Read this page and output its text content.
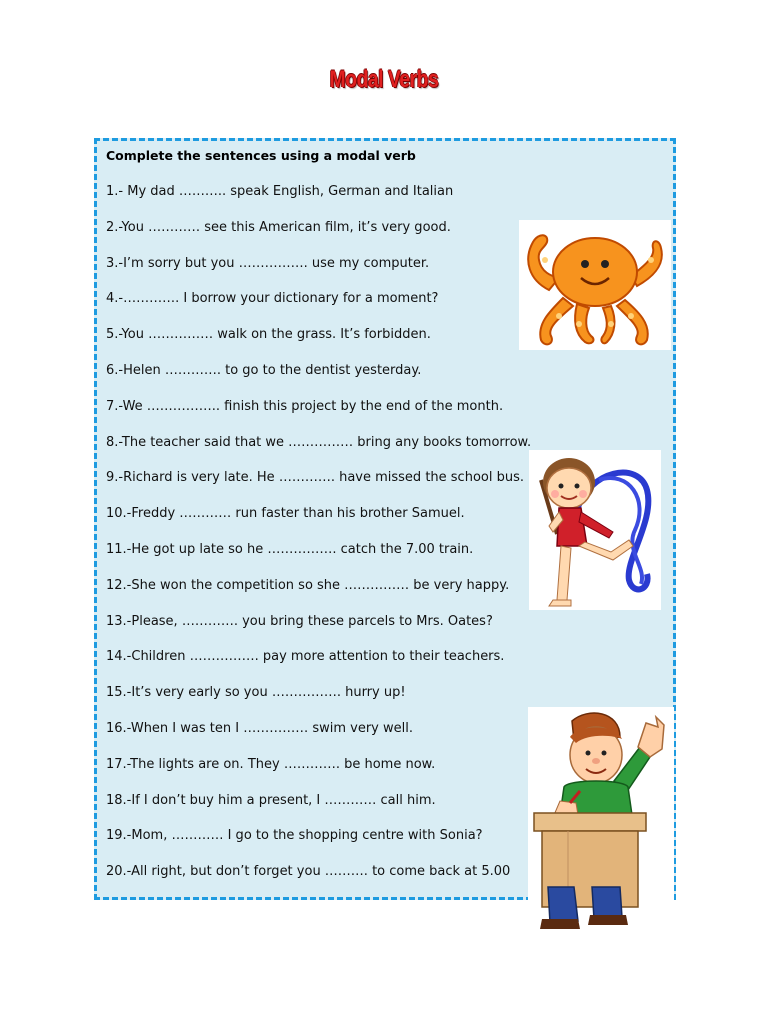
Modal Verbs
Complete the sentences using a modal verb
1.- My dad ……….. speak English, German and Italian
2.-You ………… see this American film, it’s very good.
3.-I’m sorry but you ……………. use my computer.
4.-…………. I borrow your dictionary for a moment?
5.-You …………… walk on the grass. It’s forbidden.
6.-Helen …………. to go to the dentist yesterday.
7.-We …………….. finish this project by the end of the month.
8.-The teacher said that we …………… bring any books tomorrow.
9.-Richard is very late. He …………. have missed the school bus.
10.-Freddy ………… run faster than his brother Samuel.
11.-He got up late so he ……………. catch the 7.00 train.
12.-She won the competition so she …………… be very happy.
13.-Please, …………. you bring these parcels to Mrs. Oates?
14.-Children ……………. pay more attention to their teachers.
15.-It’s very early so you ……………. hurry up!
16.-When I was ten I …………… swim very well.
17.-The lights are on. They …………. be home now.
18.-If I don’t buy him a present, I ………… call him.
19.-Mom, ………… I go to the shopping centre with Sonia?
20.-All right, but don’t forget you ………. to come back at 5.00
